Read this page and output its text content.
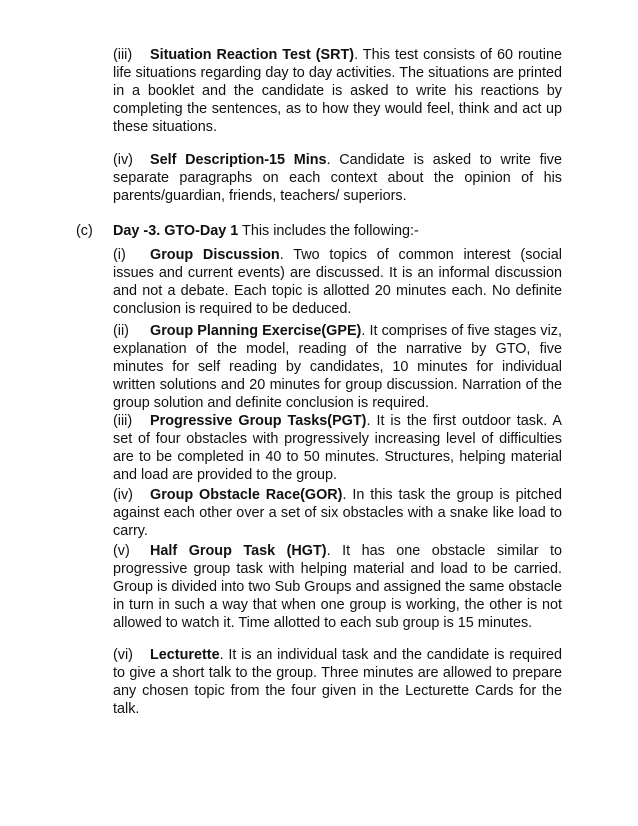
(iii) Situation Reaction Test (SRT). This test consists of 60 routine life situations regarding day to day activities. The situations are printed in a booklet and the candidate is asked to write his reactions by completing the sentences, as to how they would feel, think and act up these situations.
(iv) Self Description-15 Mins. Candidate is asked to write five separate paragraphs on each context about the opinion of his parents/guardian, friends, teachers/ superiors.
(c) Day -3. GTO-Day 1 This includes the following:-
(i) Group Discussion. Two topics of common interest (social issues and current events) are discussed. It is an informal discussion and not a debate. Each topic is allotted 20 minutes each. No definite conclusion is required to be deduced.
(ii) Group Planning Exercise(GPE). It comprises of five stages viz, explanation of the model, reading of the narrative by GTO, five minutes for self reading by candidates, 10 minutes for individual written solutions and 20 minutes for group discussion. Narration of the group solution and definite conclusion is required.
(iii) Progressive Group Tasks(PGT). It is the first outdoor task. A set of four obstacles with progressively increasing level of difficulties are to be completed in 40 to 50 minutes. Structures, helping material and load are provided to the group.
(iv) Group Obstacle Race(GOR). In this task the group is pitched against each other over a set of six obstacles with a snake like load to carry.
(v) Half Group Task (HGT). It has one obstacle similar to progressive group task with helping material and load to be carried. Group is divided into two Sub Groups and assigned the same obstacle in turn in such a way that when one group is working, the other is not allowed to watch it. Time allotted to each sub group is 15 minutes.
(vi) Lecturette. It is an individual task and the candidate is required to give a short talk to the group. Three minutes are allowed to prepare any chosen topic from the four given in the Lecturette Cards for the talk.
